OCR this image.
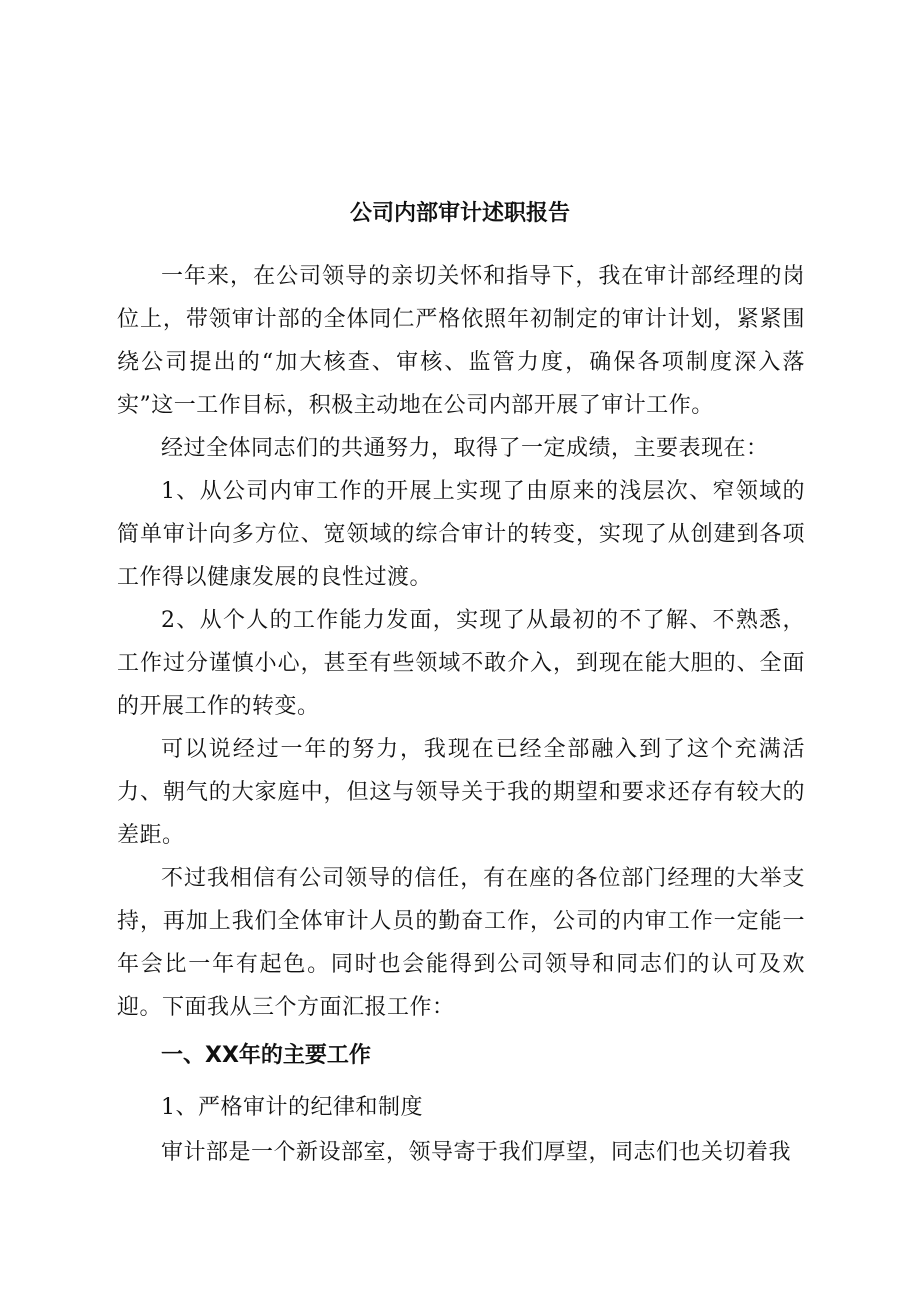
公司内部审计述职报告

一年来，在公司领导的亲切关怀和指导下，我在审计部经理的岗位上，带领审计部的全体同仁严格依照年初制定的审计计划，紧紧围绕公司提出的“加大核查、审核、监管力度，确保各项制度深入落实”这一工作目标，积极主动地在公司内部开展了审计工作。

经过全体同志们的共通努力，取得了一定成绩，主要表现在：

1、从公司内审工作的开展上实现了由原来的浅层次、窄领域的简单审计向多方位、宽领域的综合审计的转变，实现了从创建到各项工作得以健康发展的良性过渡。

2、从个人的工作能力发面，实现了从最初的不了解、不熟悉，工作过分谨慎小心，甚至有些领域不敢介入，到现在能大胆的、全面的开展工作的转变。

可以说经过一年的努力，我现在已经全部融入到了这个充满活力、朝气的大家庭中，但这与领导关于我的期望和要求还存有较大的差距。

不过我相信有公司领导的信任，有在座的各位部门经理的大举支持，再加上我们全体审计人员的勤奋工作，公司的内审工作一定能一年会比一年有起色。同时也会能得到公司领导和同志们的认可及欢迎。下面我从三个方面汇报工作：

一、XX年的主要工作

1、严格审计的纪律和制度

审计部是一个新设部室，领导寄于我们厚望，同志们也关切着我
